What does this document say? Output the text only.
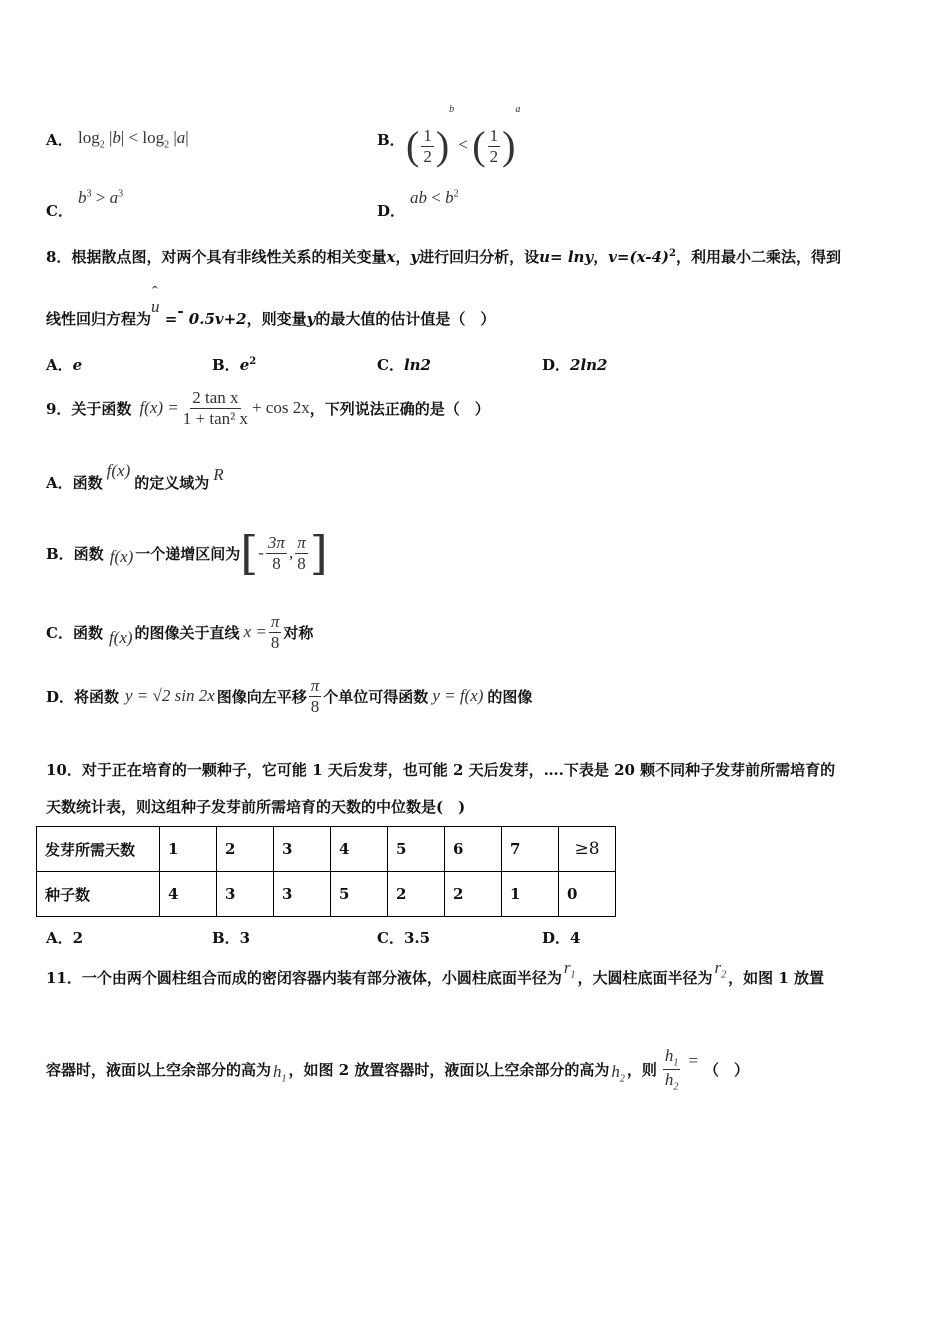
A． $\log_2 |b| < \log_2 |a|$	B． ( $\frac{1}{2} )^b$ < ( $\frac{1}{2} )^a$
C．
$b^3 > a^3$
D．
ab < $b^2$
8．根据散点图，对两个具有非线性关系的相关变量x，y进行回归分析，设u= lny，$v=(x-4)^2$，利用最小二乘法，得到
线性回归方程为u
ˆ
=- 0.5v+2，则变量y的最大值的估计值是（　）
A．e	B．$e^2$	C．ln2	D．2ln2
9．关于函数 $f(x) = \frac{\text{2 tan x}}{\text{1 + tan² x}} + \cos 2x$ ，下列说法正确的是（　）
A．函数
f(x)
的定义域为 R
B．函数 f(x) 一个递增区间为 [ - $\frac{3\pi}{8}$ , $\frac{\pi}{8}$ ]
C．函数 f(x) 的图像关于直线 $x = \frac{\pi}{8}$ 对称
D．将函数 y = √2 sin 2x 图像向左平移 $\frac{\pi}{8}$ 个单位可得函数 y = f(x) 的图像
10．对于正在培育的一颗种子，它可能 1 天后发芽，也可能 2 天后发芽，….下表是 20 颗不同种子发芽前所需培育的
天数统计表，则这组种子发芽前所需培育的天数的中位数是(　)
发芽所需天数	1	2	3	4	5	6	7	≥8
种子数	4	3	3	5	2	2	1	0
A．2	B．3	C．3.5	D．4
11．一个由两个圆柱组合而成的密闭容器内装有部分液体，小圆柱底面半径为
$r_1$ ，大圆柱底面半径为
$r_2$ ，如图 1 放置
容器时，液面以上空余部分的高为 $h_1$
，如图 2 放置容器时，液面以上空余部分的高为 $h_2$
，则 $\frac{h_1}{h_2}$ = （　）
